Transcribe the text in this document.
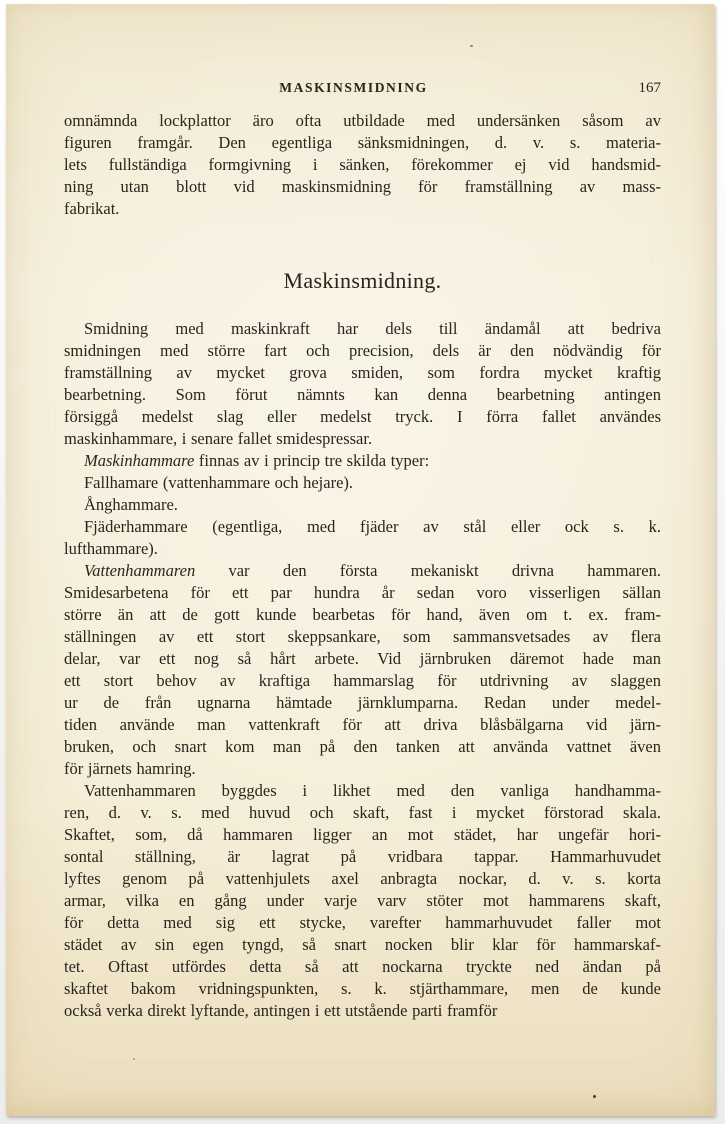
MASKINSMIDNING	167
omnämnda lockplattor äro ofta utbildade med undersänken såsom av
figuren framgår. Den egentliga sänksmidningen, d. v. s. materia-
lets fullständiga formgivning i sänken, förekommer ej vid handsmid-
ning utan blott vid maskinsmidning för framställning av mass-
fabrikat.
Maskinsmidning.
Smidning med maskinkraft har dels till ändamål att bedriva
smidningen med större fart och precision, dels är den nödvändig för
framställning av mycket grova smiden, som fordra mycket kraftig
bearbetning. Som förut nämnts kan denna bearbetning antingen
försiggå medelst slag eller medelst tryck. I förra fallet användes
maskinhammare, i senare fallet smidespressar.
Maskinhammare finnas av i princip tre skilda typer:
Fallhamare (vattenhammare och hejare).
Ånghammare.
Fjäderhammare (egentliga, med fjäder av stål eller ock s. k.
lufthammare).
Vattenhammaren var den första mekaniskt drivna hammaren.
Smidesarbetena för ett par hundra år sedan voro visserligen sällan
större än att de gott kunde bearbetas för hand, även om t. ex. fram-
ställningen av ett stort skeppsankare, som sammansvetsades av flera
delar, var ett nog så hårt arbete. Vid järnbruken däremot hade man
ett stort behov av kraftiga hammarslag för utdrivning av slaggen
ur de från ugnarna hämtade järnklumparna. Redan under medel-
tiden använde man vattenkraft för att driva blåsbälgarna vid järn-
bruken, och snart kom man på den tanken att använda vattnet även
för järnets hamring.
Vattenhammaren byggdes i likhet med den vanliga handhamma-
ren, d. v. s. med huvud och skaft, fast i mycket förstorad skala.
Skaftet, som, då hammaren ligger an mot städet, har ungefär hori-
sontal ställning, är lagrat på vridbara tappar. Hammarhuvudet
lyftes genom på vattenhjulets axel anbragta nockar, d. v. s. korta
armar, vilka en gång under varje varv stöter mot hammarens skaft,
för detta med sig ett stycke, varefter hammarhuvudet faller mot
städet av sin egen tyngd, så snart nocken blir klar för hammarskaf-
tet. Oftast utfördes detta så att nockarna tryckte ned ändan på
skaftet bakom vridningspunkten, s. k. stjärthammare, men de kunde
också verka direkt lyftande, antingen i ett utstående parti framför
